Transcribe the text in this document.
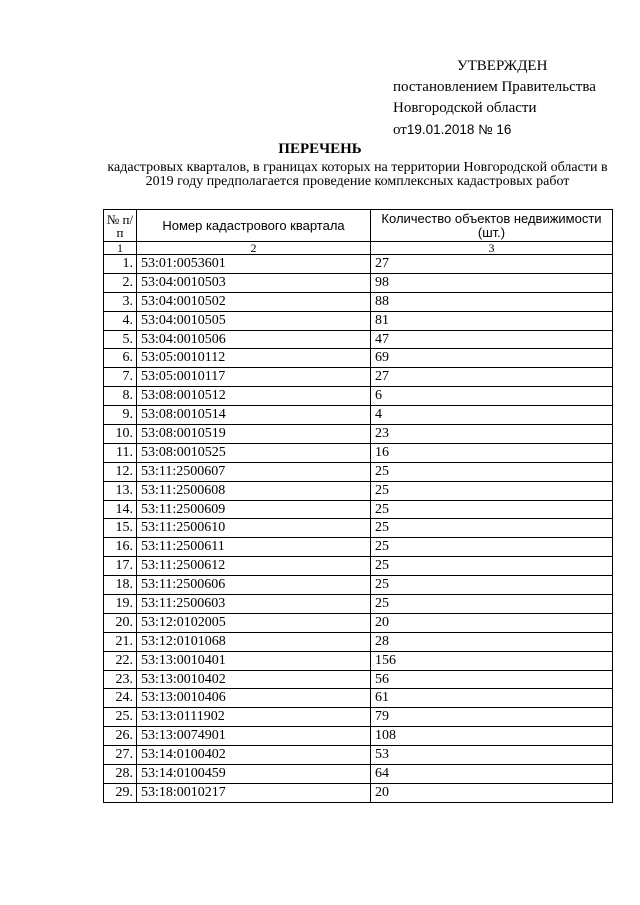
УТВЕРЖДЕН
постановлением Правительства
Новгородской области
от19.01.2018 № 16
ПЕРЕЧЕНЬ
кадастровых кварталов, в границах которых на территории Новгородской области в 2019 году предполагается проведение комплексных кадастровых работ
№ п/п	Номер кадастрового квартала	Количество объектов недвижимости (шт.)
1	2	3
1.	53:01:0053601	27
2.	53:04:0010503	98
3.	53:04:0010502	88
4.	53:04:0010505	81
5.	53:04:0010506	47
6.	53:05:0010112	69
7.	53:05:0010117	27
8.	53:08:0010512	6
9.	53:08:0010514	4
10.	53:08:0010519	23
11.	53:08:0010525	16
12.	53:11:2500607	25
13.	53:11:2500608	25
14.	53:11:2500609	25
15.	53:11:2500610	25
16.	53:11:2500611	25
17.	53:11:2500612	25
18.	53:11:2500606	25
19.	53:11:2500603	25
20.	53:12:0102005	20
21.	53:12:0101068	28
22.	53:13:0010401	156
23.	53:13:0010402	56
24.	53:13:0010406	61
25.	53:13:0111902	79
26.	53:13:0074901	108
27.	53:14:0100402	53
28.	53:14:0100459	64
29.	53:18:0010217	20
